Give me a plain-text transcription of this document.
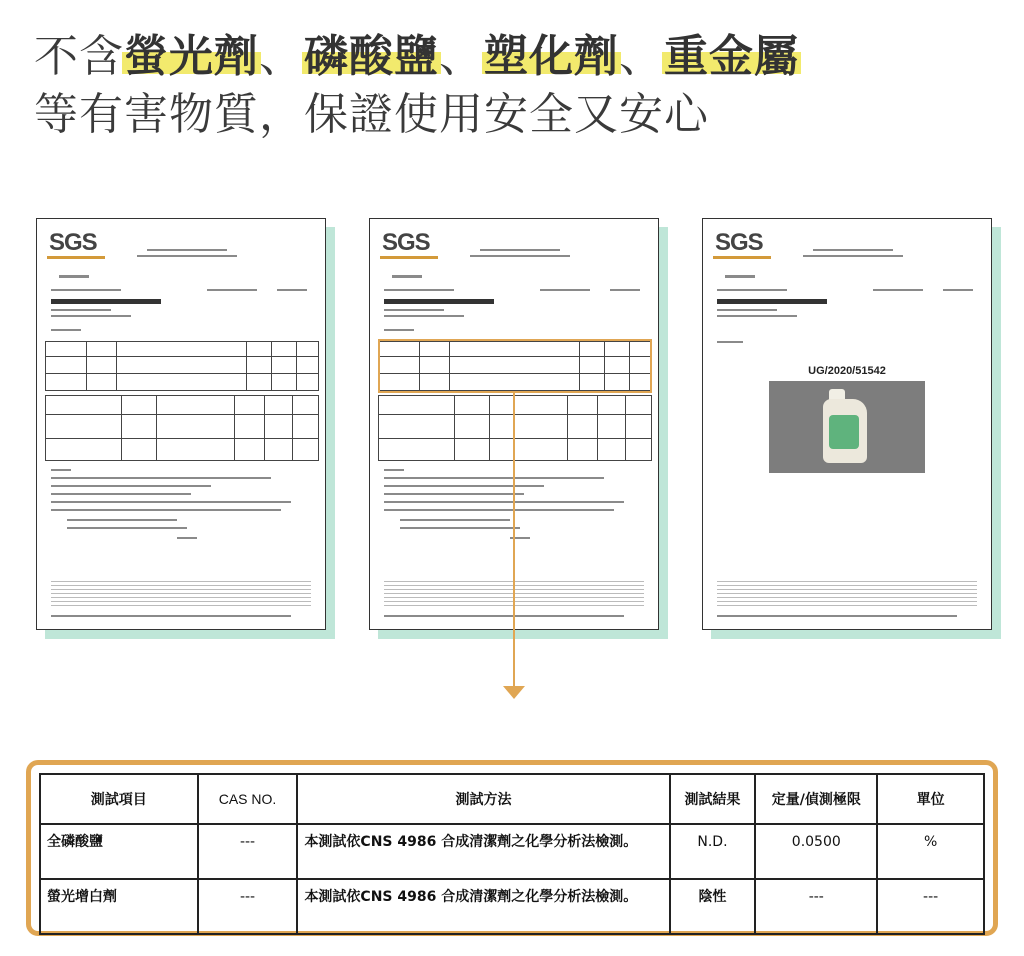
不含螢光劑、磷酸鹽、塑化劑、重金屬
等有害物質，保證使用安全又安心
SGS	SGS	SGS
UG/2020/51542
測試項目	CAS NO.	測試方法	測試結果	定量/偵測極限	單位
全磷酸鹽	---	本測試依CNS 4986 合成清潔劑之化學分析法檢測。	N.D.	0.0500	%
螢光增白劑	---	本測試依CNS 4986 合成清潔劑之化學分析法檢測。	陰性	---	---
